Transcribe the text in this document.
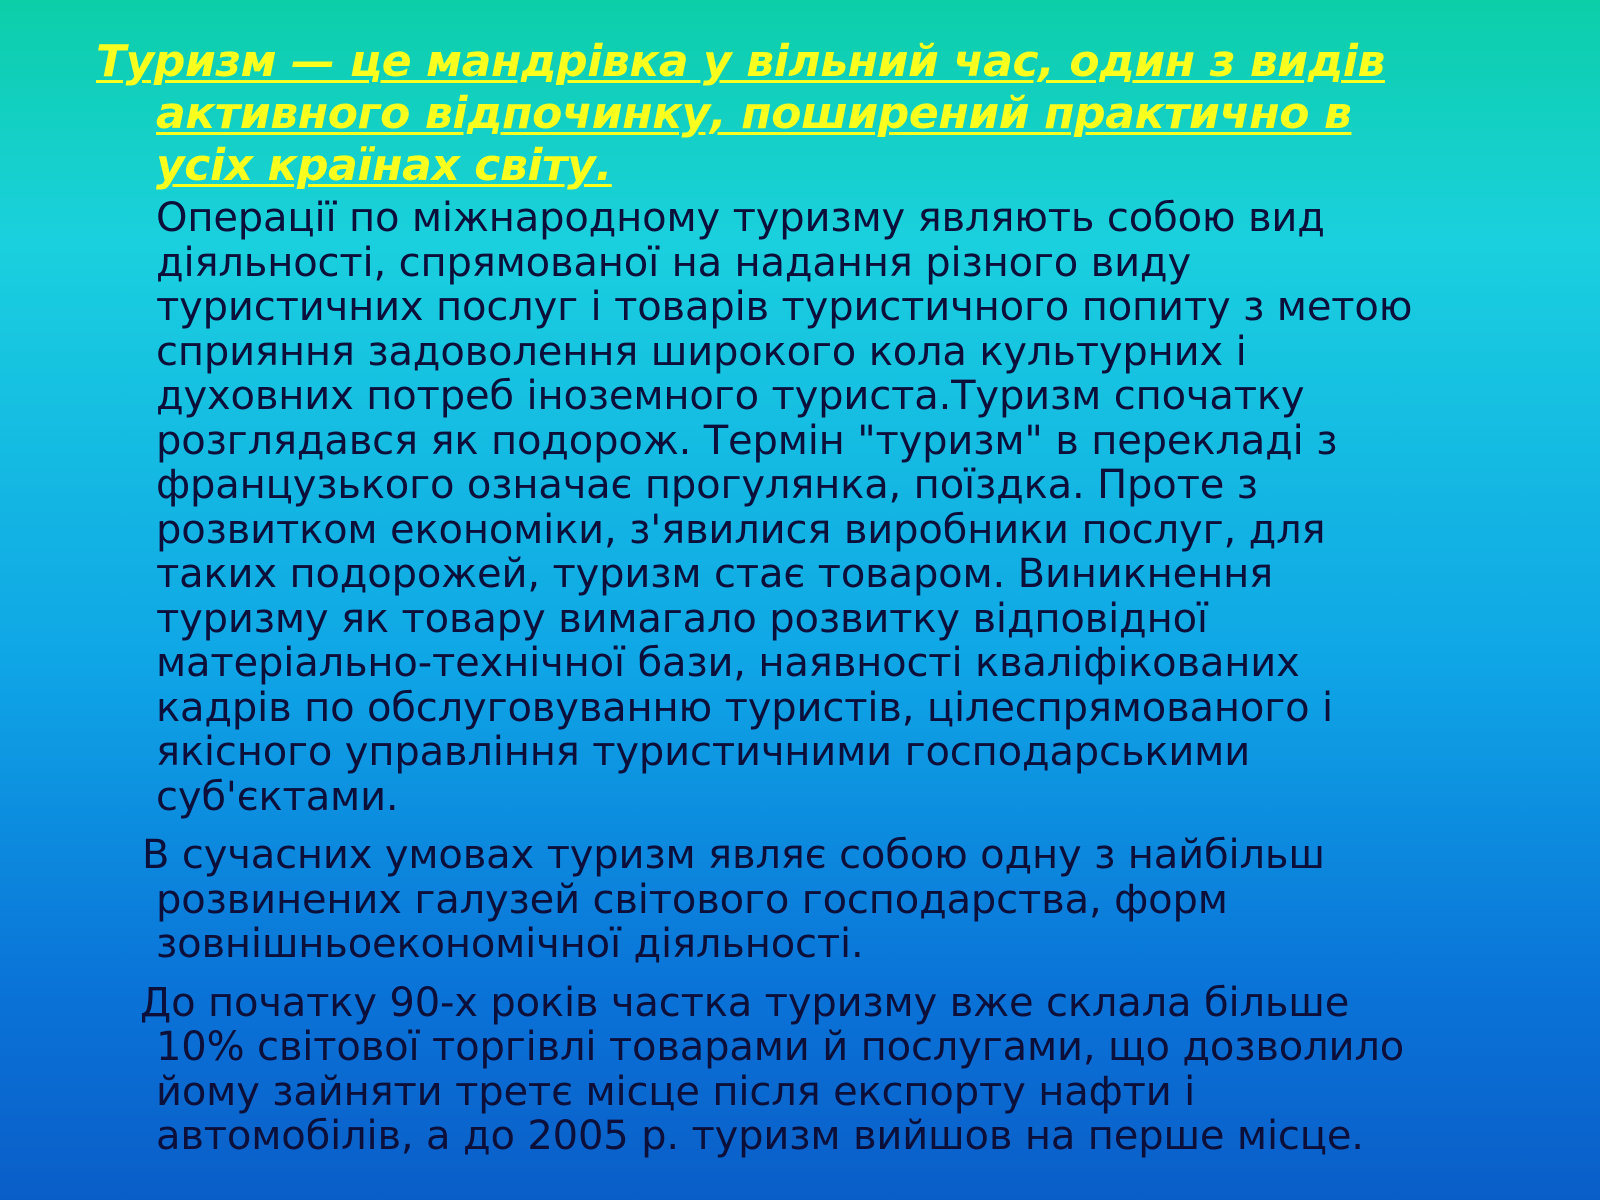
Туризм — це мандрівка у вільний час, один з видів
активного відпочинку, поширений практично в
усіх країнах світу.

Операції по міжнародному туризму являють собою вид
діяльності, спрямованої на надання різного виду
туристичних послуг і товарів туристичного попиту з метою
сприяння задоволення широкого кола культурних і
духовних потреб іноземного туриста.Туризм спочатку
розглядався як подорож. Термін "туризм" в перекладі з
французького означає прогулянка, поїздка. Проте з
розвитком економіки, з'явилися виробники послуг, для
таких подорожей, туризм стає товаром. Виникнення
туризму як товару вимагало розвитку відповідної
матеріально-технічної бази, наявності кваліфікованих
кадрів по обслуговуванню туристів, цілеспрямованого і
якісного управління туристичними господарськими
суб'єктами.

В сучасних умовах туризм являє собою одну з найбільш
розвинених галузей світового господарства, форм
зовнішньоекономічної діяльності.

До початку 90-х років частка туризму вже склала більше
10% світової торгівлі товарами й послугами, що дозволило
йому зайняти третє місце після експорту нафти і
автомобілів, а до 2005 р. туризм вийшов на перше місце.
